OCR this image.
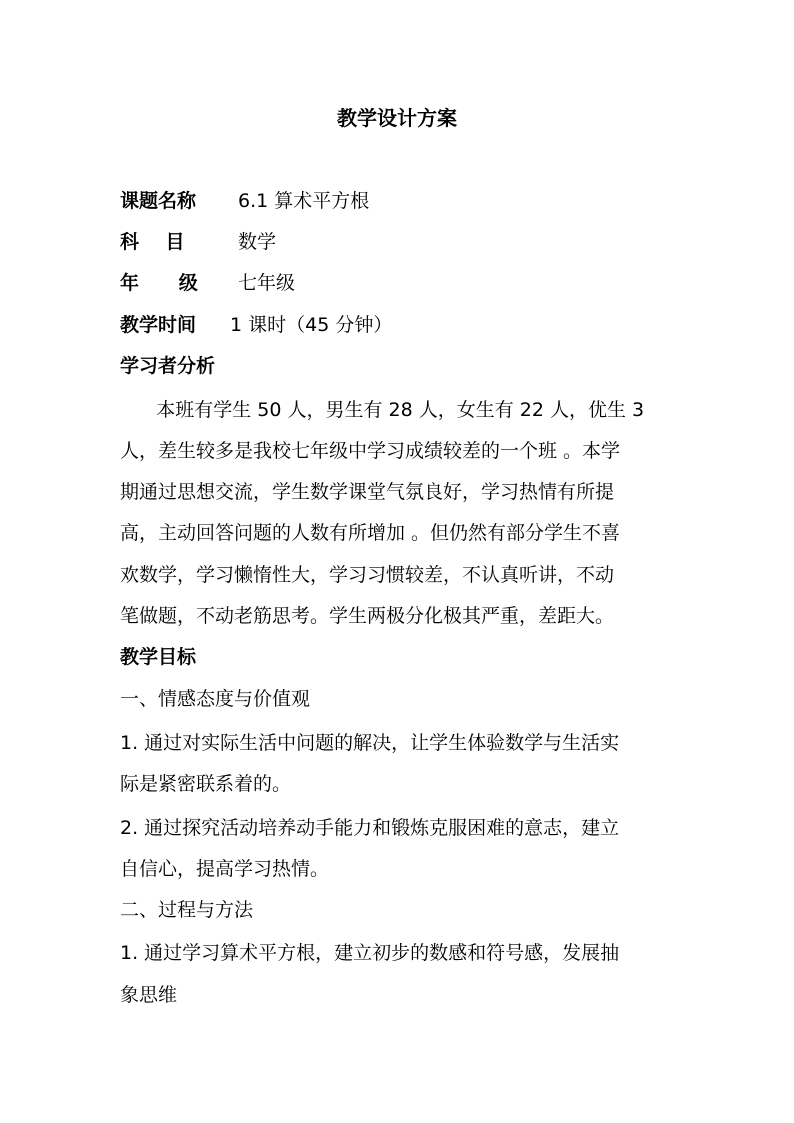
教学设计方案
课题名称 6.1 算术平方根
科    目	数学
年      级 七年级
教学时间 1 课时（45 分钟）
学习者分析
本班有学生 50 人，男生有 28 人，女生有 22 人，优生 3
人，差生较多是我校七年级中学习成绩较差的一个班 。本学
期通过思想交流，学生数学课堂气氛良好，学习热情有所提
高，主动回答问题的人数有所增加 。但仍然有部分学生不喜
欢数学，学习懒惰性大，学习习惯较差，不认真听讲，不动
笔做题，不动老筋思考。学生两极分化极其严重，差距大。
教学目标
一、情感态度与价值观
1. 通过对实际生活中问题的解决，让学生体验数学与生活实
际是紧密联系着的。
2. 通过探究活动培养动手能力和锻炼克服困难的意志，建立
自信心，提高学习热情。
二、过程与方法
1. 通过学习算术平方根，建立初步的数感和符号感，发展抽
象思维
